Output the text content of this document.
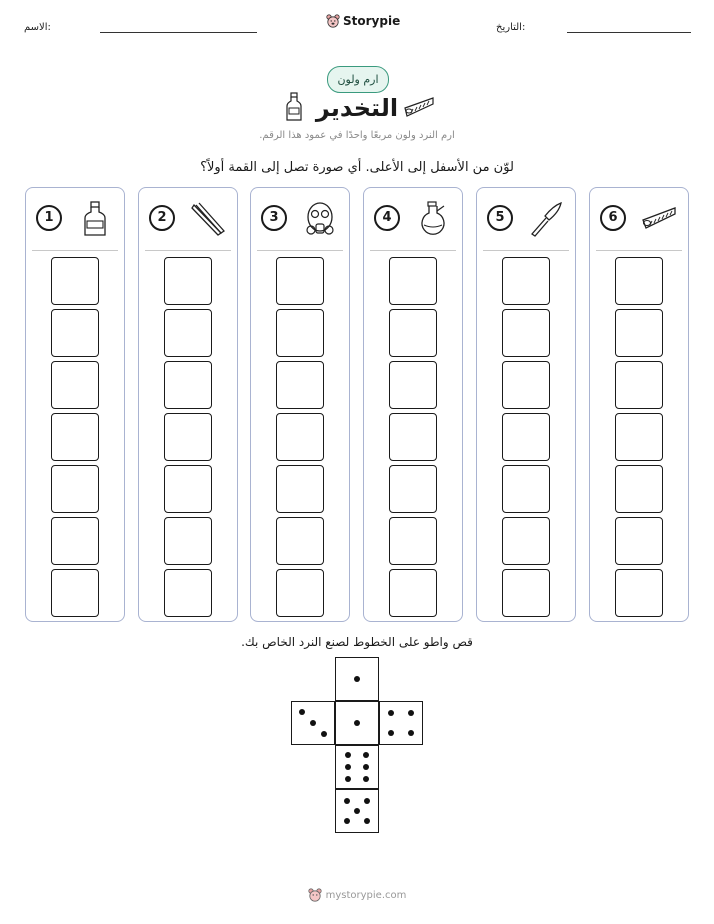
الاسم:	Storypie	التاريخ:
ارم ولون
التخدير
ارم النرد ولون مربعًا واحدًا في عمود هذا الرقم.
لوّن من الأسفل إلى الأعلى. أي صورة تصل إلى القمة أولاً؟
1	2	3	4	5	6
قص واطو على الخطوط لصنع النرد الخاص بك.
mystorypie.com
